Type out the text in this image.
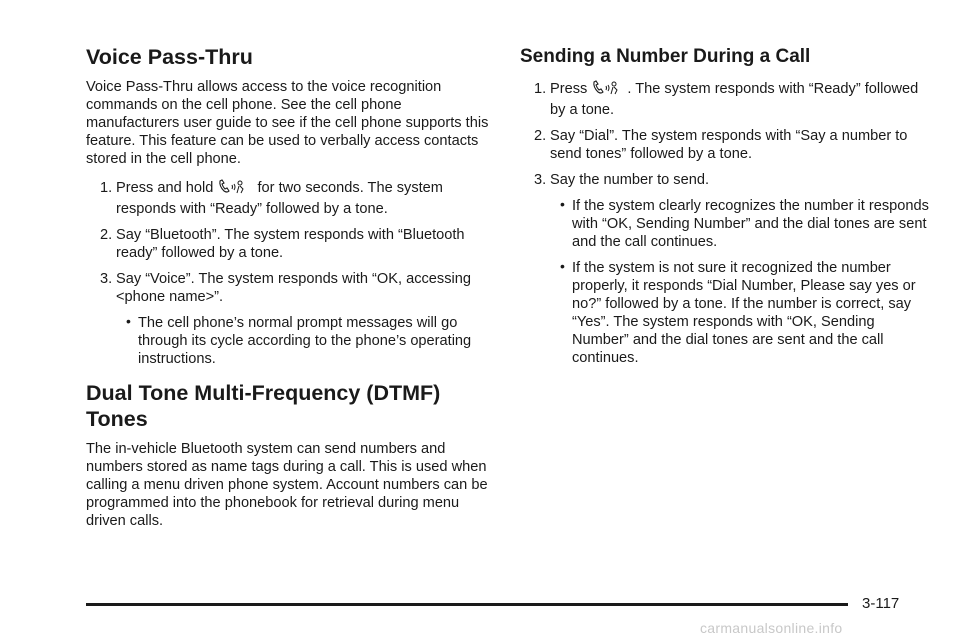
Voice Pass-Thru

Voice Pass-Thru allows access to the voice recognition commands on the cell phone. See the cell phone manufacturers user guide to see if the cell phone supports this feature. This feature can be used to verbally access contacts stored in the cell phone.

1. Press and hold	for two seconds. The system responds with “Ready” followed by a tone.
2. Say “Bluetooth”. The system responds with “Bluetooth ready” followed by a tone.
3. Say “Voice”. The system responds with “OK, accessing <phone name>”.
• The cell phone’s normal prompt messages will go through its cycle according to the phone’s operating instructions.
Dual Tone Multi-Frequency (DTMF) Tones

The in-vehicle Bluetooth system can send numbers and numbers stored as name tags during a call. This is used when calling a menu driven phone system. Account numbers can be programmed into the phonebook for retrieval during menu driven calls.

Sending a Number During a Call
1. Press	. The system responds with “Ready” followed by a tone.
2. Say “Dial”. The system responds with “Say a number to send tones” followed by a tone.
3. Say the number to send.
• If the system clearly recognizes the number it responds with “OK, Sending Number” and the dial tones are sent and the call continues.
• If the system is not sure it recognized the number properly, it responds “Dial Number, Please say yes or no?” followed by a tone. If the number is correct, say “Yes”. The system responds with “OK, Sending Number” and the dial tones are sent and the call continues.
3-117
carmanualsonline.info
